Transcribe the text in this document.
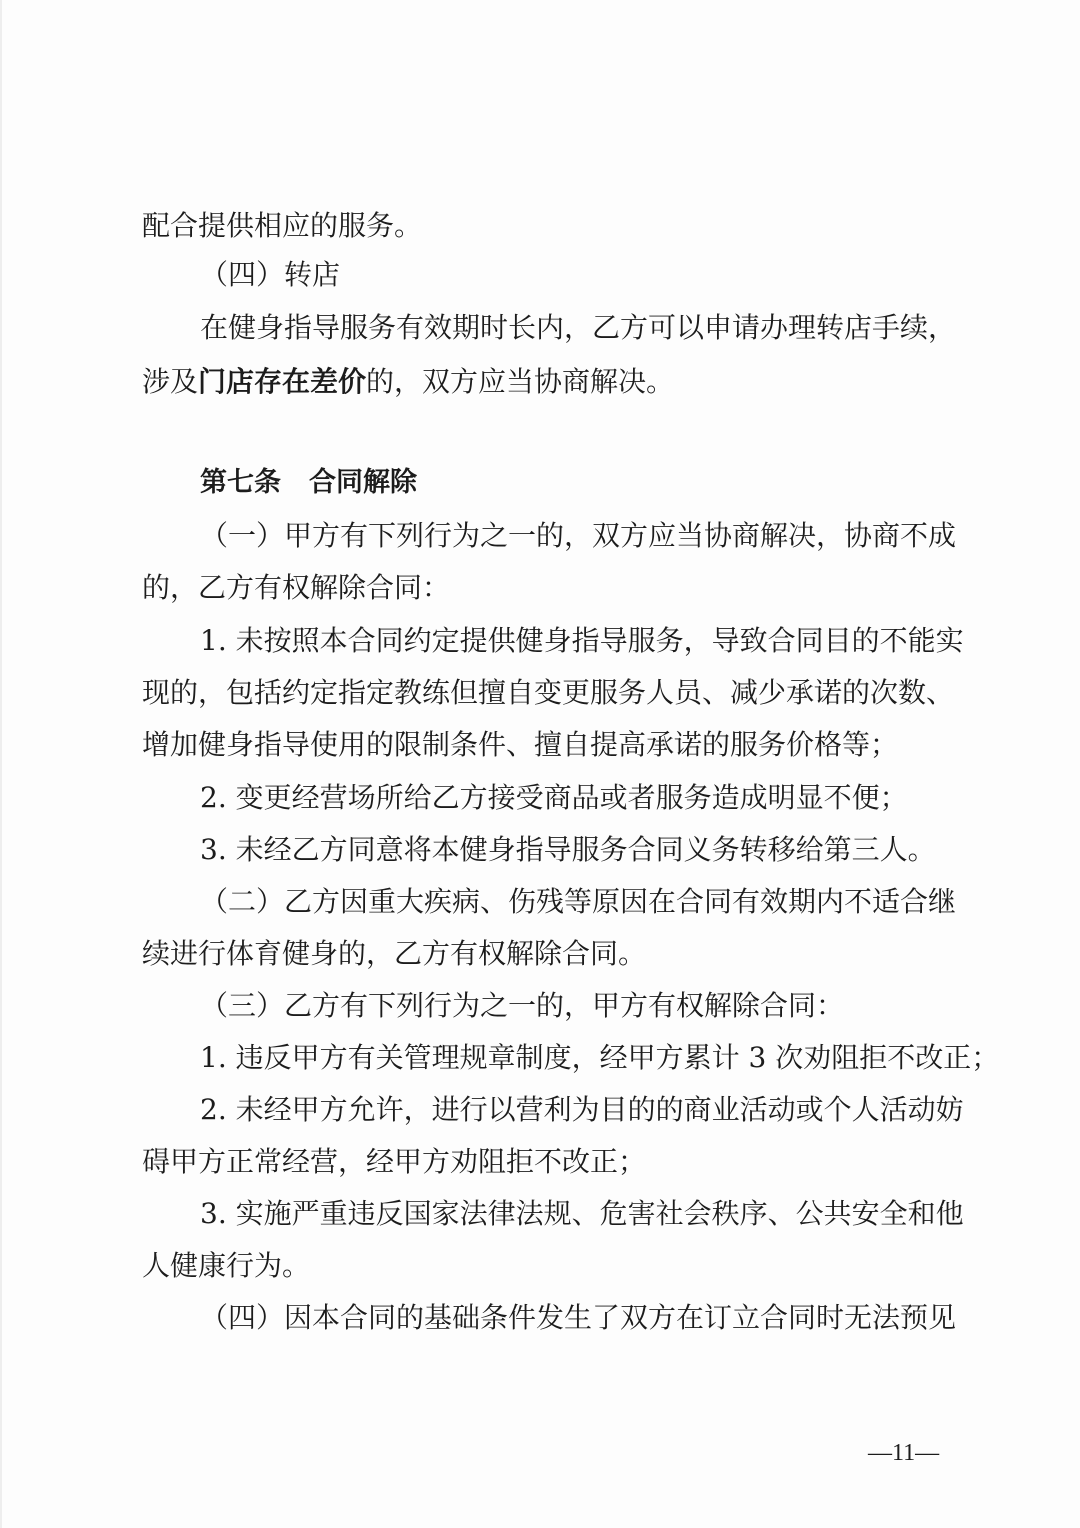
配合提供相应的服务。
（四）转店
在健身指导服务有效期时长内，乙方可以申请办理转店手续，
涉及门店存在差价的，双方应当协商解决。
第七条 合同解除
（一）甲方有下列行为之一的，双方应当协商解决，协商不成
的，乙方有权解除合同：
1. 未按照本合同约定提供健身指导服务，导致合同目的不能实
现的，包括约定指定教练但擅自变更服务人员、减少承诺的次数、
增加健身指导使用的限制条件、擅自提高承诺的服务价格等；
2. 变更经营场所给乙方接受商品或者服务造成明显不便；
3. 未经乙方同意将本健身指导服务合同义务转移给第三人。
（二）乙方因重大疾病、伤残等原因在合同有效期内不适合继
续进行体育健身的，乙方有权解除合同。
（三）乙方有下列行为之一的，甲方有权解除合同：
1. 违反甲方有关管理规章制度，经甲方累计 3 次劝阻拒不改正；
2. 未经甲方允许，进行以营利为目的的商业活动或个人活动妨
碍甲方正常经营，经甲方劝阻拒不改正；
3. 实施严重违反国家法律法规、危害社会秩序、公共安全和他
人健康行为。
（四）因本合同的基础条件发生了双方在订立合同时无法预见
—11—
